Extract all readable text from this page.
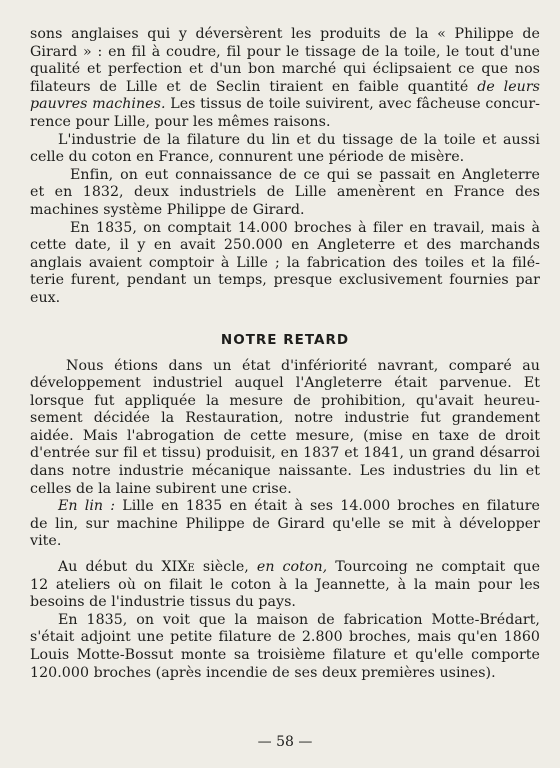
sons anglaises qui y déversèrent les produits de la « Philippe de
Girard » : en fil à coudre, fil pour le tissage de la toile, le tout d'une
qualité et perfection et d'un bon marché qui éclipsaient ce que nos
filateurs de Lille et de Seclin tiraient en faible quantité de leurs
pauvres machines. Les tissus de toile suivirent, avec fâcheuse concur-
rence pour Lille, pour les mêmes raisons.
L'industrie de la filature du lin et du tissage de la toile et aussi
celle du coton en France, connurent une période de misère.
Enfin, on eut connaissance de ce qui se passait en Angleterre
et en 1832, deux industriels de Lille amenèrent en France des
machines système Philippe de Girard.
En 1835, on comptait 14.000 broches à filer en travail, mais à
cette date, il y en avait 250.000 en Angleterre et des marchands
anglais avaient comptoir à Lille ; la fabrication des toiles et la filé-
terie furent, pendant un temps, presque exclusivement fournies par
eux.
NOTRE RETARD
Nous étions dans un état d'infériorité navrant, comparé au
développement industriel auquel l'Angleterre était parvenue. Et
lorsque fut appliquée la mesure de prohibition, qu'avait heureu-
sement décidée la Restauration, notre industrie fut grandement
aidée. Mais l'abrogation de cette mesure, (mise en taxe de droit
d'entrée sur fil et tissu) produisit, en 1837 et 1841, un grand désarroi
dans notre industrie mécanique naissante. Les industries du lin et
celles de la laine subirent une crise.
En lin : Lille en 1835 en était à ses 14.000 broches en filature
de lin, sur machine Philippe de Girard qu'elle se mit à développer
vite.
Au début du XIXe siècle, en coton, Tourcoing ne comptait que
12 ateliers où on filait le coton à la Jeannette, à la main pour les
besoins de l'industrie tissus du pays.
En 1835, on voit que la maison de fabrication Motte-Brédart,
s'était adjoint une petite filature de 2.800 broches, mais qu'en 1860
Louis Motte-Bossut monte sa troisième filature et qu'elle comporte
120.000 broches (après incendie de ses deux premières usines).
— 58 —
